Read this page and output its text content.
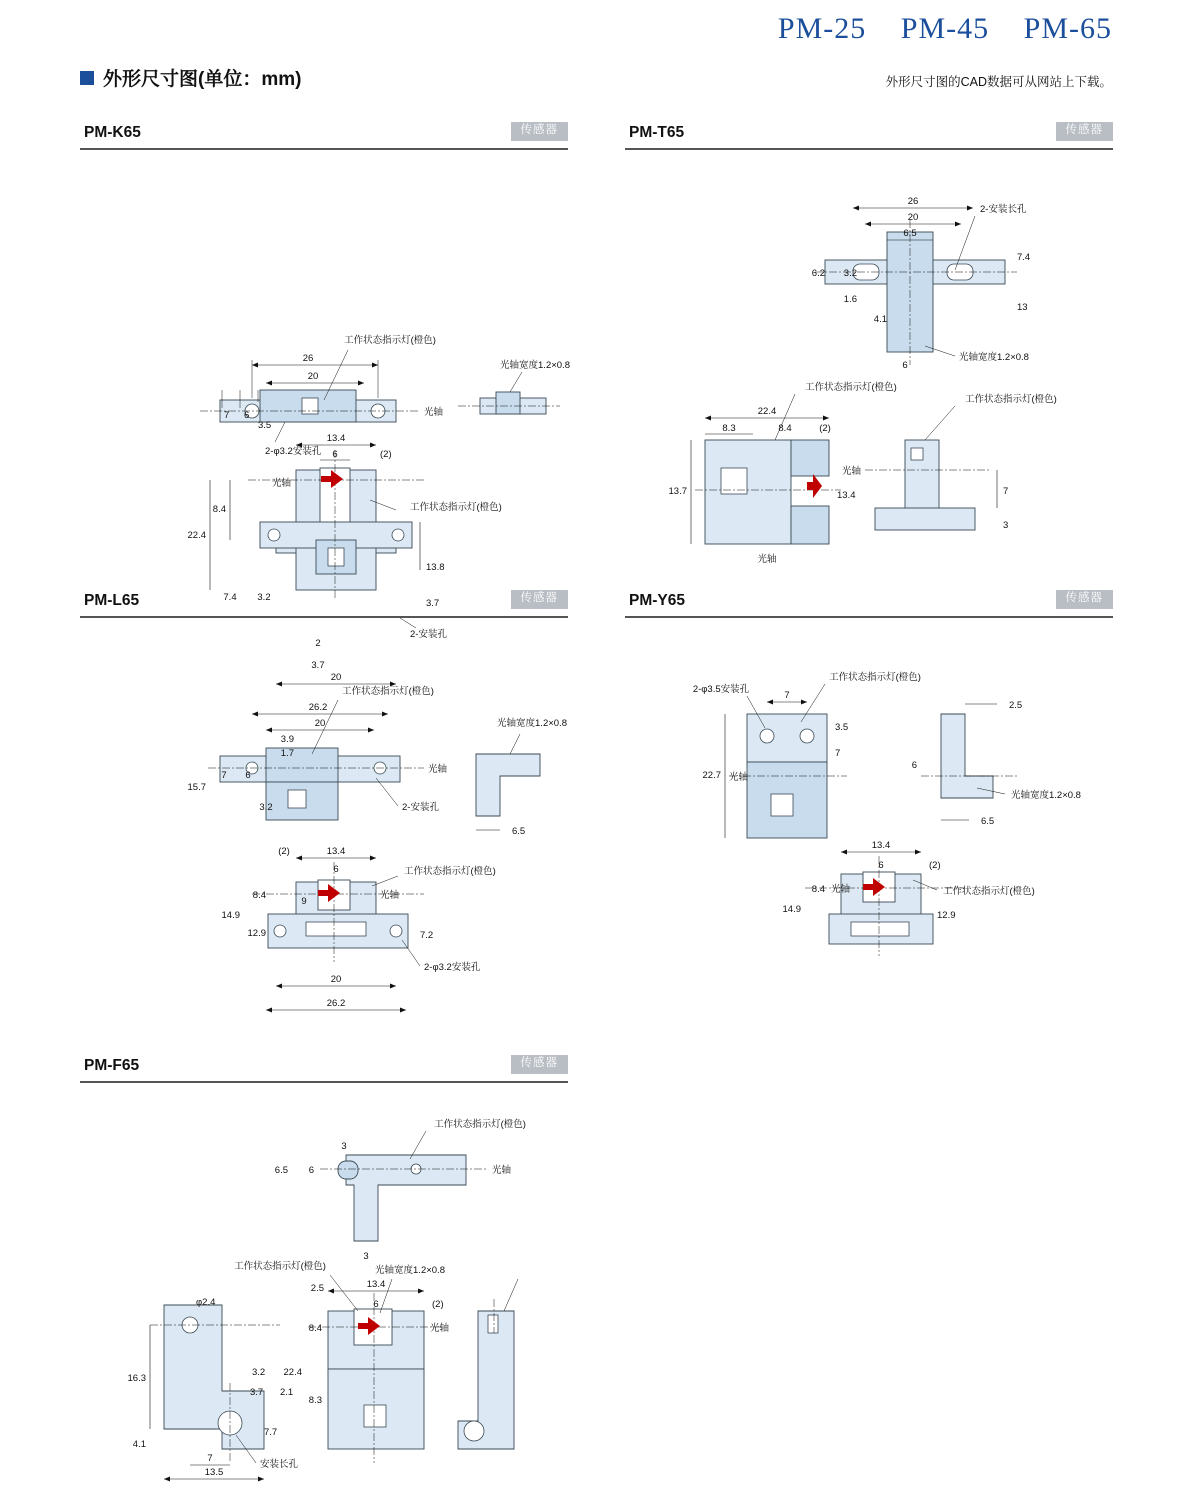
PM-25 PM-45 PM-65
外形尺寸图(单位：mm)	外形尺寸图的CAD数据可从网站上下载。
PM-K65	传感器
26
20
7 6
3.5
工作状态指示灯(橙色)
2-φ3.2安装孔
光轴
光轴宽度1.2×0.8
13.4
6	(2)
8.4
22.4
7.4 3.2
13.8
3.7
光轴
工作状态指示灯(橙色)
2-安装孔
2
3.7
20
PM-T65	传感器
26
20
6.5
6.2 3.2
1.6
4.1
7.4
13
6
2-安装长孔
光轴宽度1.2×0.8
13.7
22.4
8.3	8.4	(2)
13.4
工作状态指示灯(橙色)
光轴
工作状态指示灯(橙色)
光轴
7
3
PM-L65	传感器
26.2
20
3.9
1.7
7 6
15.7
3.2
工作状态指示灯(橙色)
光轴
2-安装孔
光轴宽度1.2×0.8
6.5
13.4
6
(2)
8.4
14.9
12.9
9
7.2
光轴
工作状态指示灯(橙色)
2-φ3.2安装孔
20
26.2
PM-Y65	传感器
7
3.5
7
22.7 光轴
2-φ3.5安装孔
工作状态指示灯(橙色)
2.5
6
光轴宽度1.2×0.8
6.5
13.4
6	(2)
8.4
14.9
12.9
光轴	工作状态指示灯(橙色)
PM-F65	传感器
光轴
工作状态指示灯(橙色)
6.5 6
3
3
φ2.4
16.3
4.1
3.2
3.7 2.1
7.7
7
13.5
安装长孔
13.4
6	(2)
2.5
8.4
22.4
8.3
光轴
光轴宽度1.2×0.8
工作状态指示灯(橙色)
